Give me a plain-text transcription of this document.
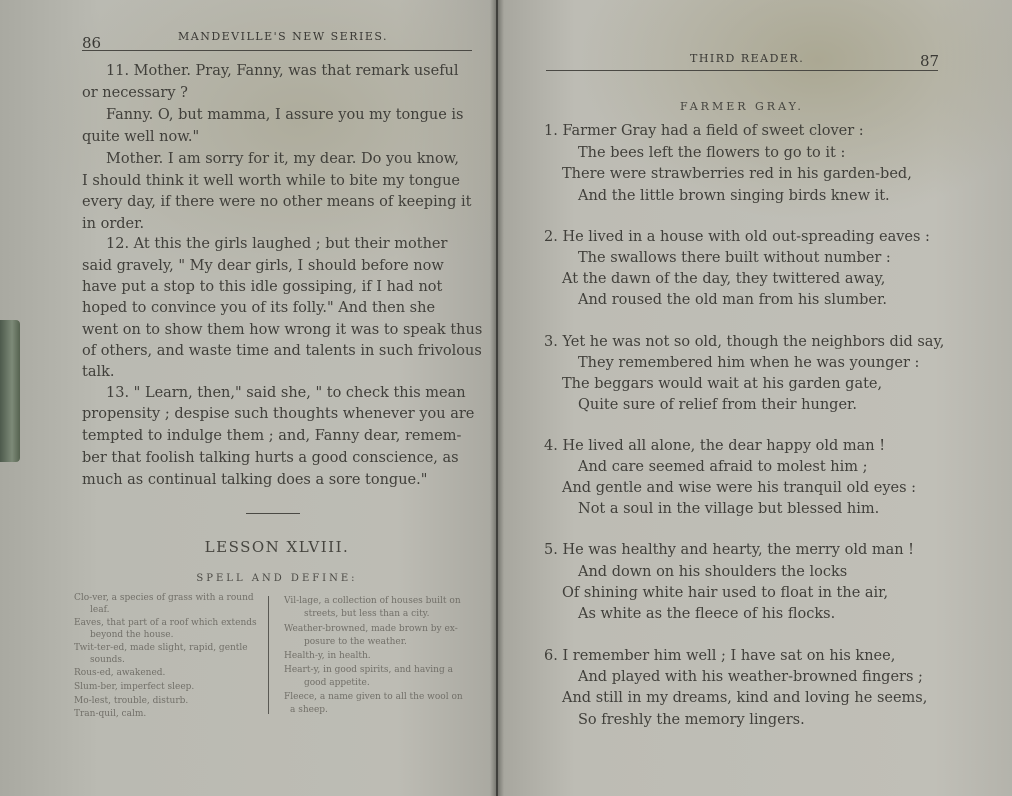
86	MANDEVILLE'S NEW SERIES.
11. Mother. Pray, Fanny, was that remark useful
or necessary ?
Fanny. O, but mamma, I assure you my tongue is
quite well now."
Mother. I am sorry for it, my dear. Do you know,
I should think it well worth while to bite my tongue
every day, if there were no other means of keeping it
in order.
12. At this the girls laughed ; but their mother
said gravely, " My dear girls, I should before now
have put a stop to this idle gossiping, if I had not
hoped to convince you of its folly." And then she
went on to show them how wrong it was to speak thus
of others, and waste time and talents in such frivolous
talk.
13. " Learn, then," said she, " to check this mean
propensity ; despise such thoughts whenever you are
tempted to indulge them ; and, Fanny dear, remem-
ber that foolish talking hurts a good conscience, as
much as continual talking does a sore tongue."
LESSON XLVIII.
SPELL AND DEFINE:
Clo-ver, a species of grass with a round
leaf.
Eaves, that part of a roof which extends
beyond the house.
Twit-ter-ed, made slight, rapid, gentle
sounds.
Rous-ed, awakened.
Slum-ber, imperfect sleep.
Mo-lest, trouble, disturb.
Tran-quil, calm.
Vil-lage, a collection of houses built on
streets, but less than a city.
Weather-browned, made brown by ex-
posure to the weather.
Health-y, in health.
Heart-y, in good spirits, and having a
good appetite.
Fleece, a name given to all the wool on
a sheep.
THIRD READER.	87
FARMER GRAY.
1. Farmer Gray had a field of sweet clover :
The bees left the flowers to go to it :
There were strawberries red in his garden-bed,
And the little brown singing birds knew it.
2. He lived in a house with old out-spreading eaves :
The swallows there built without number :
At the dawn of the day, they twittered away,
And roused the old man from his slumber.
3. Yet he was not so old, though the neighbors did say,
They remembered him when he was younger :
The beggars would wait at his garden gate,
Quite sure of relief from their hunger.
4. He lived all alone, the dear happy old man !
And care seemed afraid to molest him ;
And gentle and wise were his tranquil old eyes :
Not a soul in the village but blessed him.
5. He was healthy and hearty, the merry old man !
And down on his shoulders the locks
Of shining white hair used to float in the air,
As white as the fleece of his flocks.
6. I remember him well ; I have sat on his knee,
And played with his weather-browned fingers ;
And still in my dreams, kind and loving he seems,
So freshly the memory lingers.
